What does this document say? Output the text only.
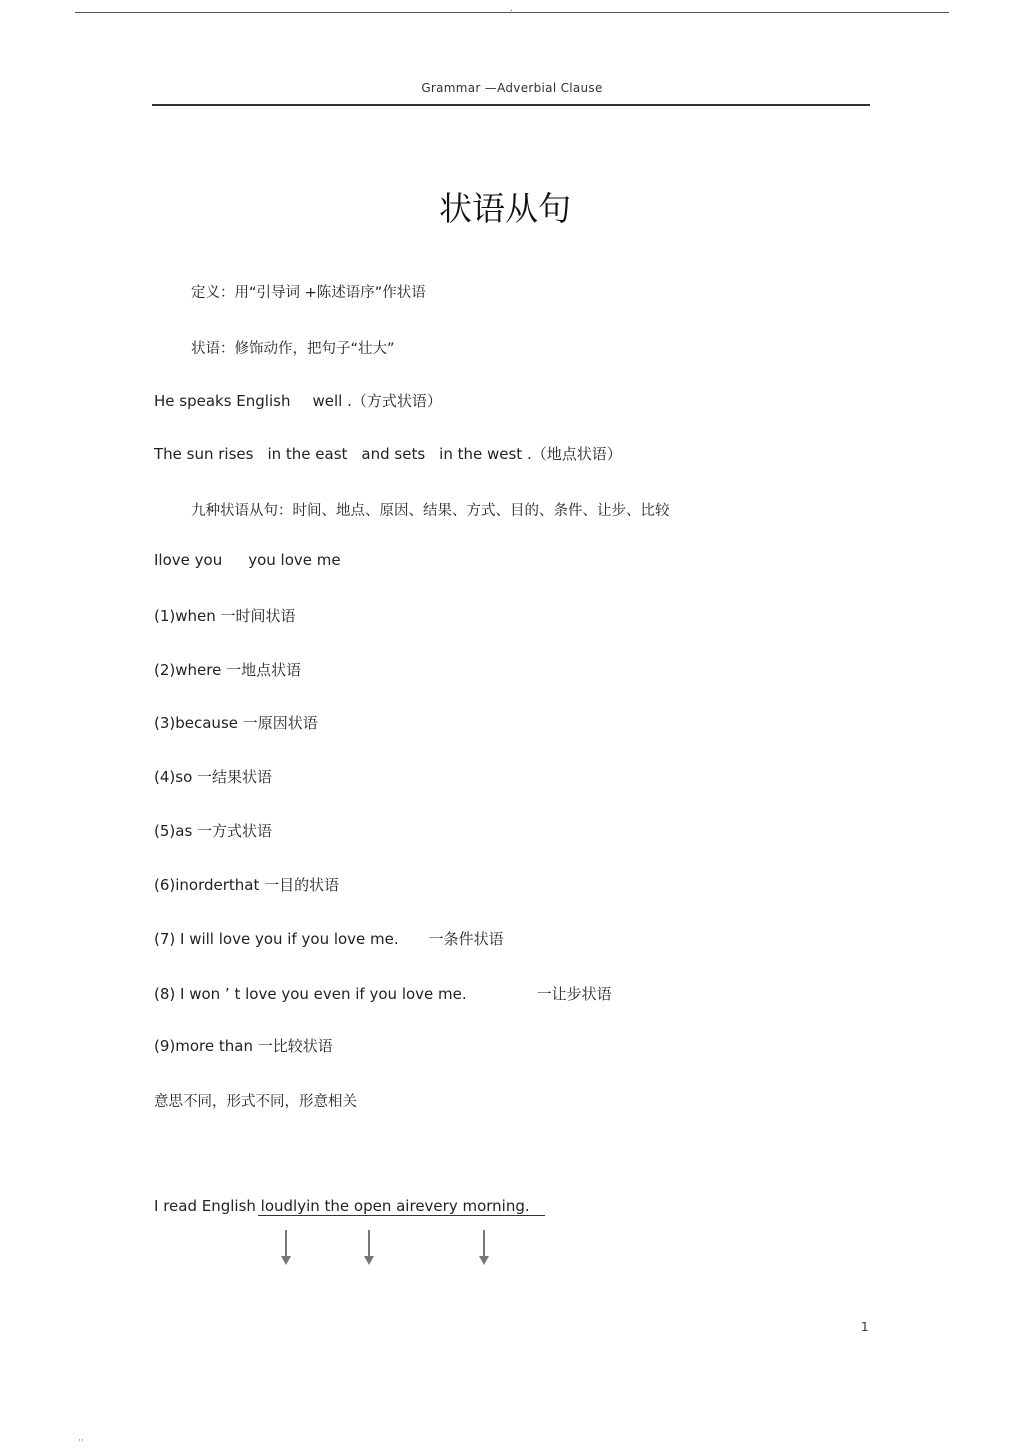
.
Grammar —Adverbial Clause
状语从句
定义：用“引导词 +陈述语序”作状语
状语：修饰动作，把句子“壮大”
He speaks English well .（方式状语）
The sun rises in the east and sets in the west .（地点状语）
九种状语从句：时间、地点、原因、结果、方式、目的、条件、让步、比较
Ilove you you love me
(1)when 一时间状语
(2)where 一地点状语
(3)because 一原因状语
(4)so 一结果状语
(5)as 一方式状语
(6)inorderthat 一目的状语
(7) I will love you if you love me. 一条件状语
(8) I won ’ t love you even if you love me.	一让步状语
(9)more than 一比较状语
意思不同，形式不同，形意相关
I read English loudlyin the open airevery morning.
1
··
